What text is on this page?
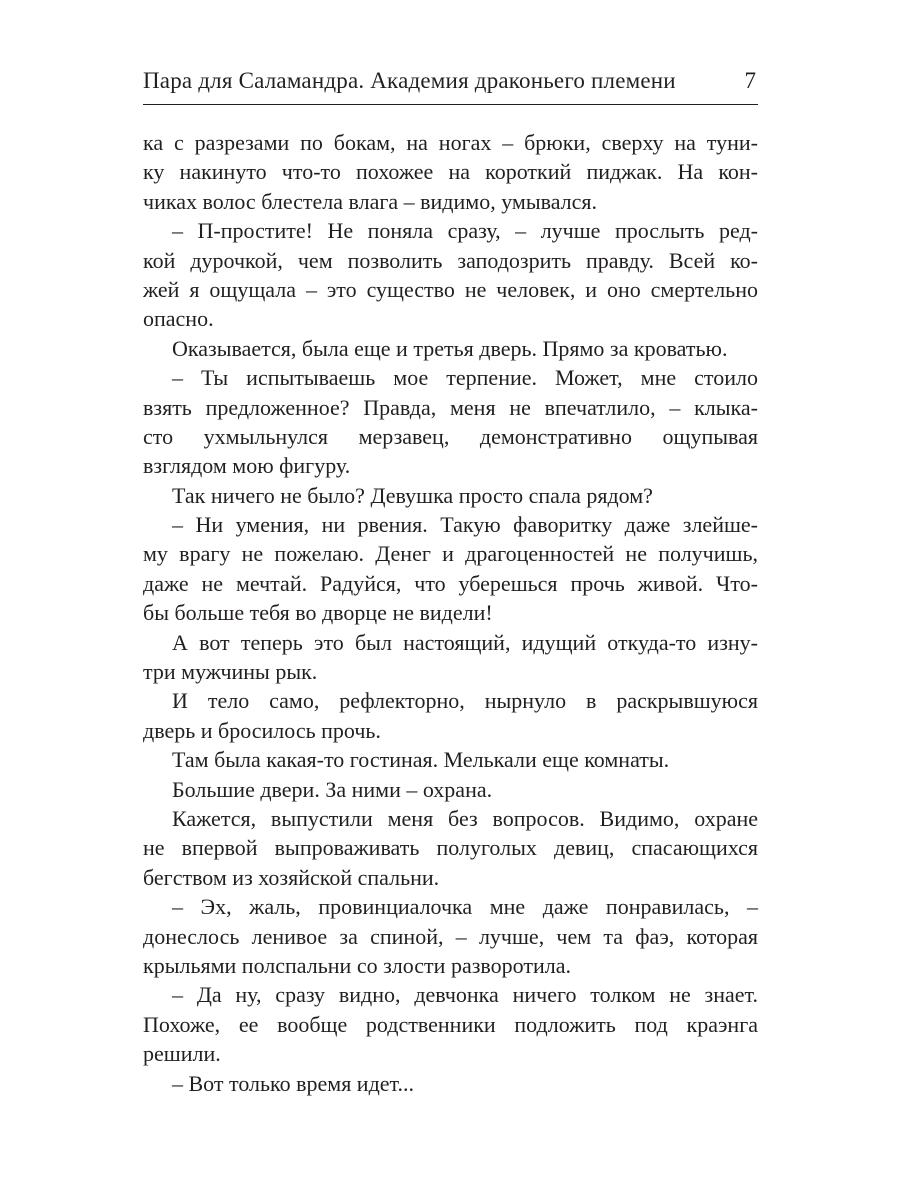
Пара для Саламандра. Академия драконьего племени	7
ка с разрезами по бокам, на ногах – брюки, сверху на туни-
ку накинуто что-то похожее на короткий пиджак. На кон-
чиках волос блестела влага – видимо, умывался.
– П-простите! Не поняла сразу, – лучше прослыть ред-
кой дурочкой, чем позволить заподозрить правду. Всей ко-
жей я ощущала – это существо не человек, и оно смертельно
опасно.
Оказывается, была еще и третья дверь. Прямо за кроватью.
– Ты испытываешь мое терпение. Может, мне стоило
взять предложенное? Правда, меня не впечатлило, – клыка-
сто ухмыльнулся мерзавец, демонстративно ощупывая
взглядом мою фигуру.
Так ничего не было? Девушка просто спала рядом?
– Ни умения, ни рвения. Такую фаворитку даже злейше-
му врагу не пожелаю. Денег и драгоценностей не получишь,
даже не мечтай. Радуйся, что уберешься прочь живой. Что-
бы больше тебя во дворце не видели!
А вот теперь это был настоящий, идущий откуда-то изну-
три мужчины рык.
И тело само, рефлекторно, нырнуло в раскрывшуюся
дверь и бросилось прочь.
Там была какая-то гостиная. Мелькали еще комнаты.
Большие двери. За ними – охрана.
Кажется, выпустили меня без вопросов. Видимо, охране
не впервой выпроваживать полуголых девиц, спасающихся
бегством из хозяйской спальни.
– Эх, жаль, провинциалочка мне даже понравилась, –
донеслось ленивое за спиной, – лучше, чем та фаэ, которая
крыльями полспальни со злости разворотила.
– Да ну, сразу видно, девчонка ничего толком не знает.
Похоже, ее вообще родственники подложить под краэнга
решили.
– Вот только время идет...
